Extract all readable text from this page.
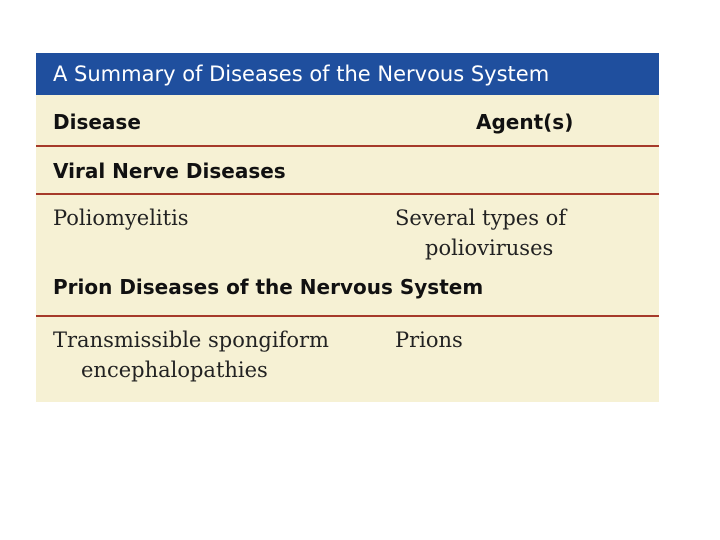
A Summary of Diseases of the Nervous System
Disease	Agent(s)
Viral Nerve Diseases
Poliomyelitis	Several types of
polioviruses
Prion Diseases of the Nervous System
Transmissible spongiform
encephalopathies
Prions
